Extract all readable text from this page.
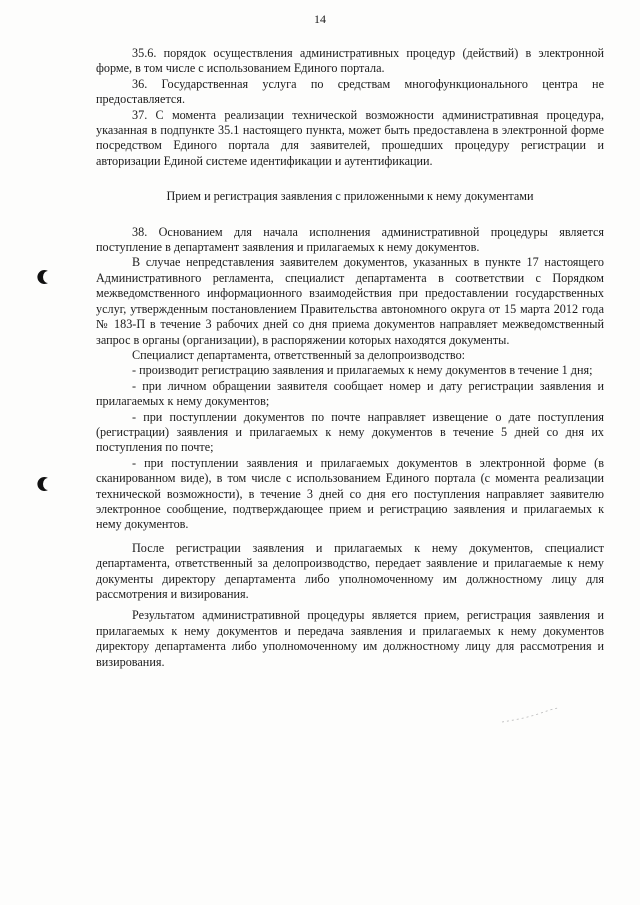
14

35.6. порядок осуществления административных процедур (действий) в электронной форме, в том числе с использованием Единого портала.

36. Государственная услуга по средствам многофункционального центра не предоставляется.

37. С момента реализации технической возможности административная процедура, указанная в подпункте 35.1 настоящего пункта, может быть предоставлена в электронной форме посредством Единого портала для заявителей, прошедших процедуру регистрации и авторизации Единой системе идентификации и аутентификации.

Прием и регистрация заявления с приложенными к нему документами

38. Основанием для начала исполнения административной процедуры является поступление в департамент заявления и прилагаемых к нему документов.

В случае непредставления заявителем документов, указанных в пункте 17 настоящего Административного регламента, специалист департамента в соответствии с Порядком межведомственного информационного взаимодействия при предоставлении государственных услуг, утвержденным постановлением Правительства автономного округа от 15 марта 2012 года № 183-П в течение 3 рабочих дней со дня приема документов направляет межведомственный запрос в органы (организации), в распоряжении которых находятся документы.

Специалист департамента, ответственный за делопроизводство:

- производит регистрацию заявления и прилагаемых к нему документов в течение 1 дня;

- при личном обращении заявителя сообщает номер и дату регистрации заявления и прилагаемых к нему документов;

- при поступлении документов по почте направляет извещение о дате поступления (регистрации) заявления и прилагаемых к нему документов в течение 5 дней со дня их поступления по почте;

- при поступлении заявления и прилагаемых документов в электронной форме (в сканированном виде), в том числе с использованием Единого портала (с момента реализации технической возможности), в течение 3 дней со дня его поступления направляет заявителю электронное сообщение, подтверждающее прием и регистрацию заявления и прилагаемых к нему документов.

После регистрации заявления и прилагаемых к нему документов, специалист департамента, ответственный за делопроизводство, передает заявление и прилагаемые к нему документы директору департамента либо уполномоченному им должностному лицу для рассмотрения и визирования.

Результатом административной процедуры является прием, регистрация заявления и прилагаемых к нему документов и передача заявления и прилагаемых к нему документов директору департамента либо уполномоченному им должностному лицу для рассмотрения и визирования.
